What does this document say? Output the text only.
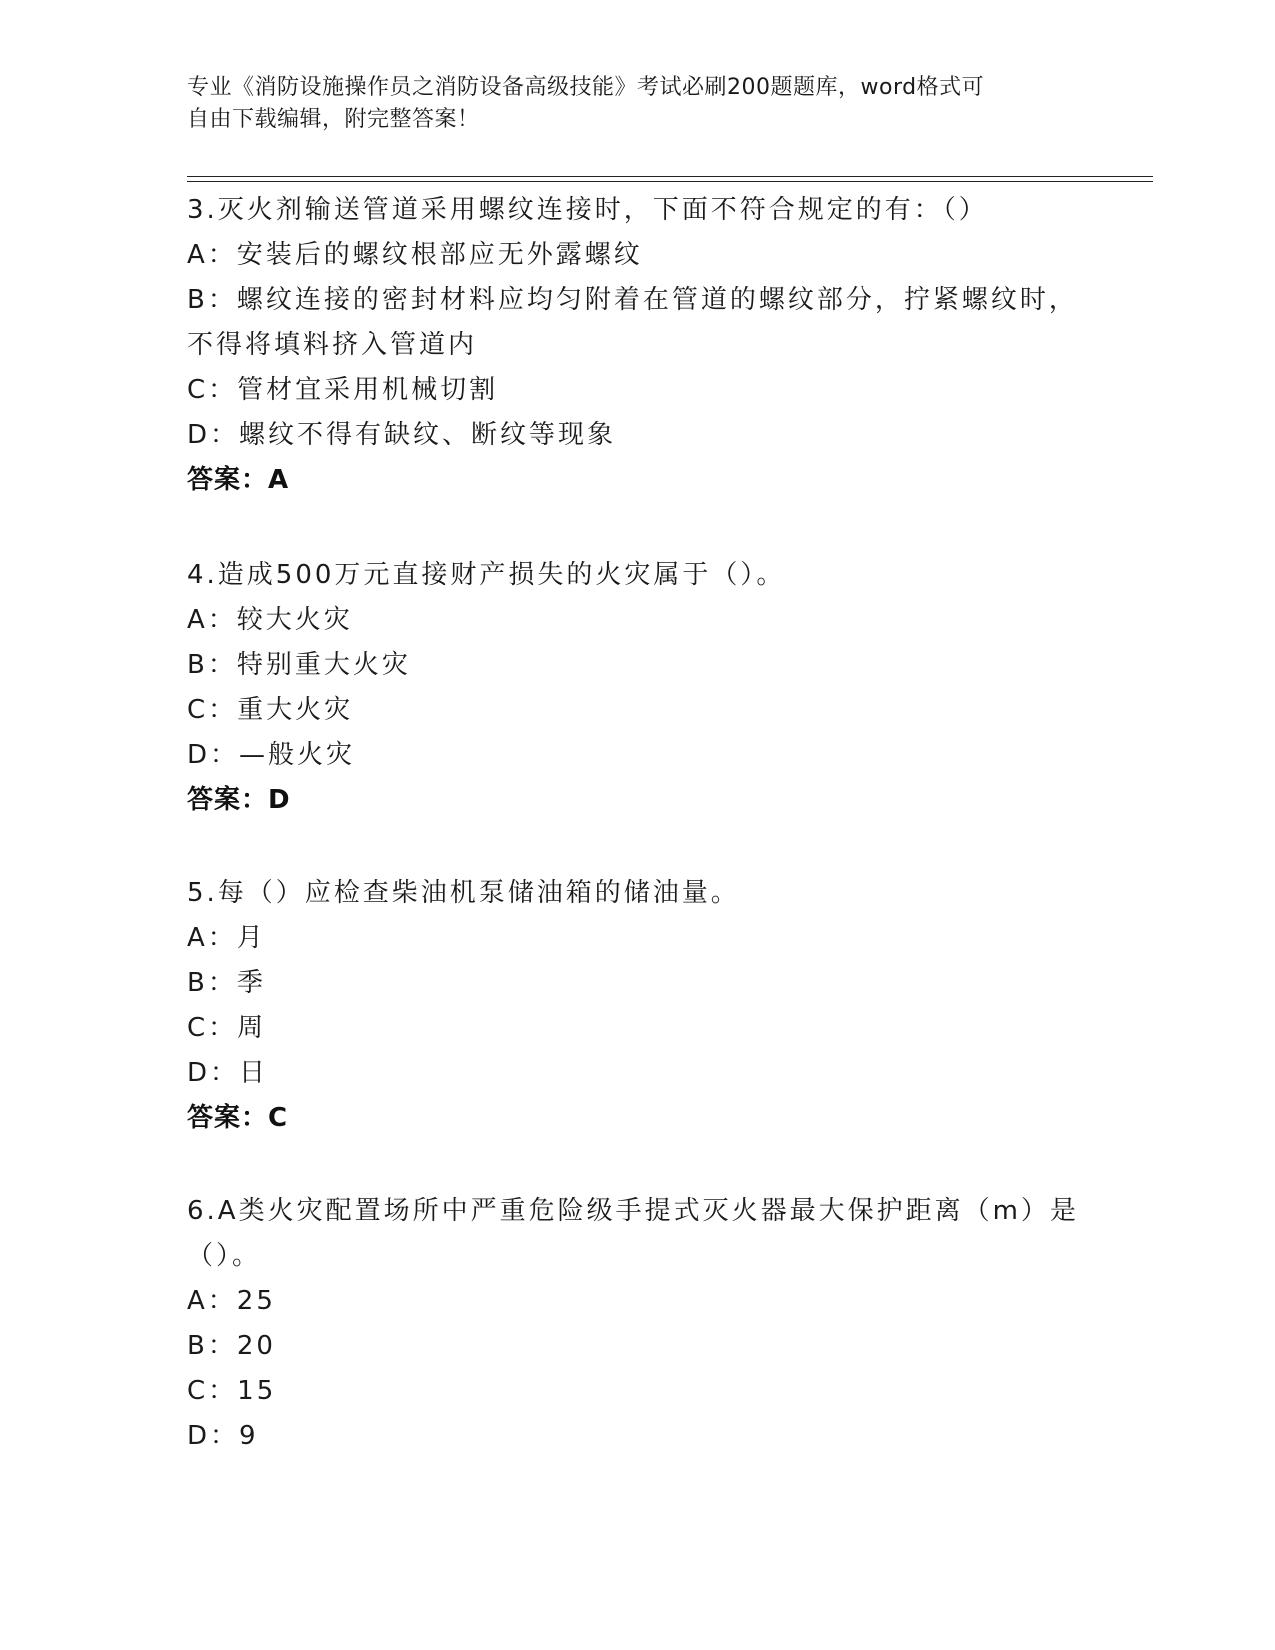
专业《消防设施操作员之消防设备高级技能》考试必刷200题题库，word格式可
自由下载编辑，附完整答案！
3.灭火剂输送管道采用螺纹连接时，下面不符合规定的有：（）
A：安装后的螺纹根部应无外露螺纹
B：螺纹连接的密封材料应均匀附着在管道的螺纹部分，拧紧螺纹时，
不得将填料挤入管道内
C：管材宜采用机械切割
D：螺纹不得有缺纹、断纹等现象
答案：A
4.造成500万元直接财产损失的火灾属于（）。
A：较大火灾
B：特别重大火灾
C：重大火灾
D：—般火灾
答案：D
5.每（）应检查柴油机泵储油箱的储油量。
A：月
B：季
C：周
D：日
答案：C
6.A类火灾配置场所中严重危险级手提式灭火器最大保护距离（m）是
（）。
A：25
B：20
C：15
D：9
